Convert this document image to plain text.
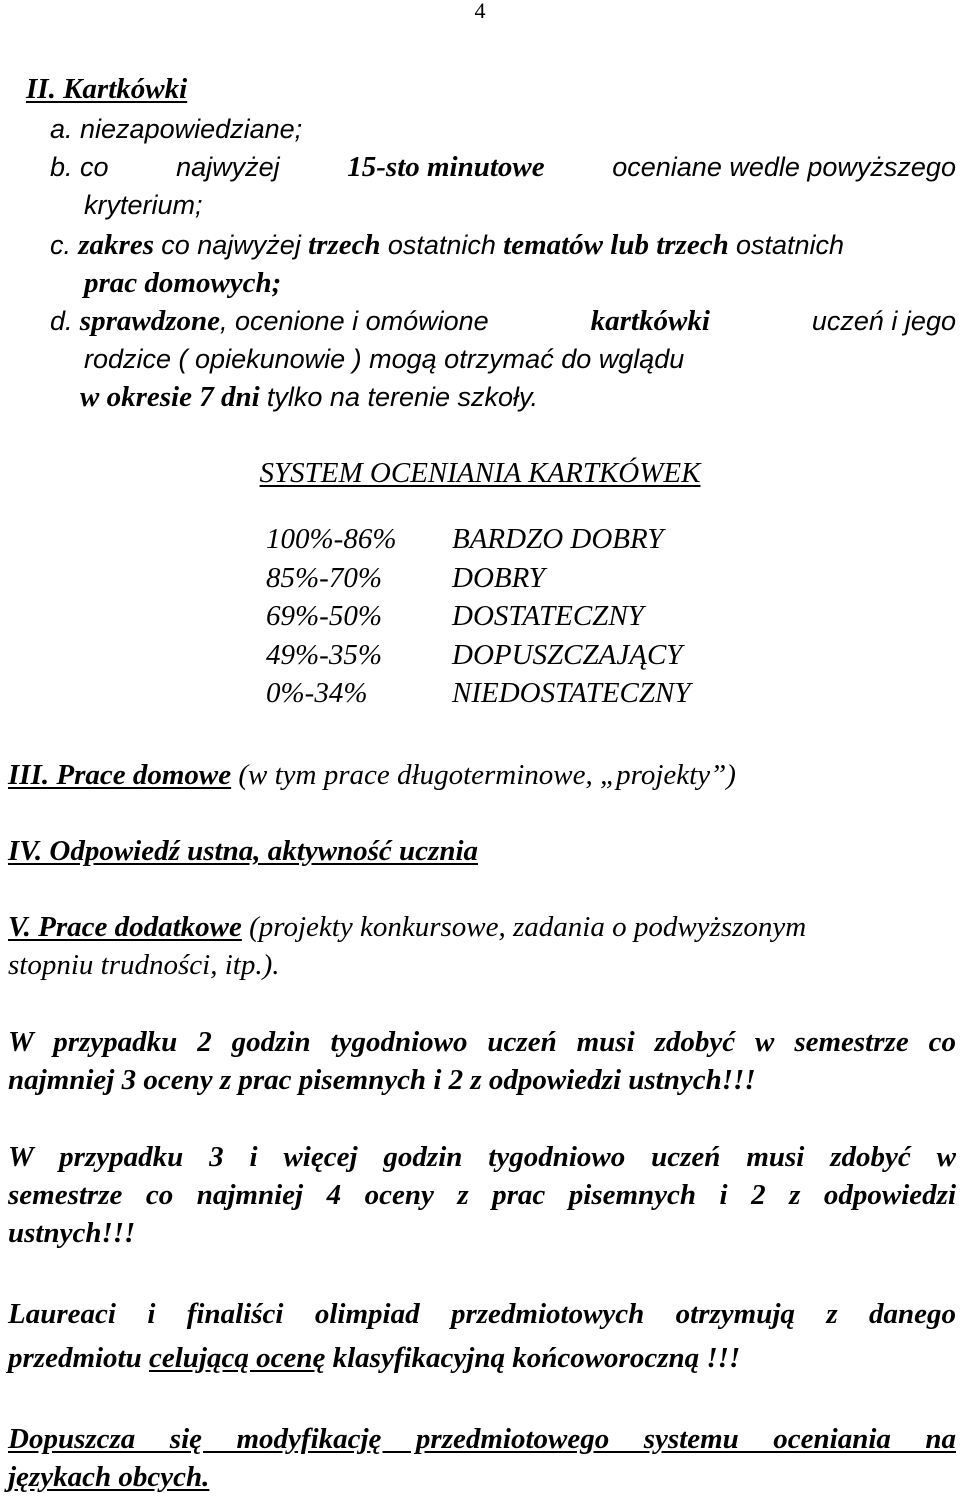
4
II. Kartkówki
a. niezapowiedziane;
b. co	najwyżej 15-sto minutowe	oceniane wedle powyższego
kryterium;
c. zakres co najwyżej trzech ostatnich tematów lub trzech ostatnich
prac domowych;
d. sprawdzone, ocenione i omówione	kartkówki	uczeń i jego
rodzice ( opiekunowie ) mogą otrzymać do wglądu
w okresie 7 dni tylko na terenie szkoły.
SYSTEM OCENIANIA KARTKÓWEK
100%-86% BARDZO DOBRY
85%-70% DOBRY
69%-50% DOSTATECZNY
49%-35% DOPUSZCZAJĄCY
0%-34%	NIEDOSTATECZNY
III. Prace domowe (w tym prace długoterminowe, „projekty”)
IV. Odpowiedź ustna, aktywność ucznia
V. Prace dodatkowe (projekty konkursowe, zadania o podwyższonym
stopniu trudności, itp.).
W przypadku 2 godzin tygodniowo uczeń musi zdobyć w semestrze co
najmniej 3 oceny z prac pisemnych i 2 z odpowiedzi ustnych!!!
W przypadku 3 i więcej godzin tygodniowo uczeń musi zdobyć w
semestrze co najmniej 4 oceny z prac pisemnych i 2 z odpowiedzi
ustnych!!!
Laureaci i finaliści olimpiad przedmiotowych otrzymują z danego
przedmiotu celującą ocenę klasyfikacyjną końcoworoczną !!!
Dopuszcza się modyfikację przedmiotowego systemu oceniania na
językach obcych.
